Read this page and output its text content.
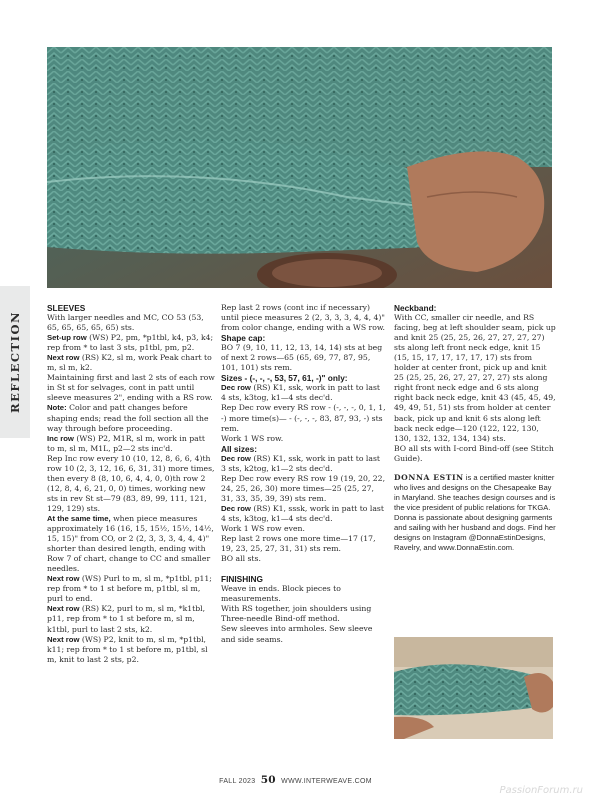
REFLECTION

SLEEVES

With larger needles and MC, CO 53 (53, 65, 65, 65, 65, 65) sts.

Set-up row (WS) P2, pm, *p1tbl, k4, p3, k4; rep from * to last 3 sts, p1tbl, pm, p2.

Next row (RS) K2, sl m, work Peak chart to m, sl m, k2.

Maintaining first and last 2 sts of each row in St st for selvages, cont in patt until sleeve measures 2", ending with a RS row.

Note: Color and patt changes before shaping ends; read the foll section all the way through before proceeding.

Inc row (WS) P2, M1R, sl m, work in patt to m, sl m, M1L, p2—2 sts inc'd.

Rep Inc row every 10 (10, 12, 8, 6, 6, 4)th row 10 (2, 3, 12, 16, 6, 31, 31) more times, then every 8 (8, 10, 6, 4, 4, 0, 0)th row 2 (12, 8, 4, 6, 21, 0, 0) times, working new sts in rev St st—79 (83, 89, 99, 111, 121, 129, 129) sts.

At the same time, when piece measures approximately 16 (16, 15, 15½, 15½, 14½, 15, 15)" from CO, or 2 (2, 3, 3, 3, 4, 4, 4)" shorter than desired length, ending with Row 7 of chart, change to CC and smaller needles.

Next row (WS) Purl to m, sl m, *p1tbl, p11; rep from * to 1 st before m, p1tbl, sl m, purl to end.

Next row (RS) K2, purl to m, sl m, *k1tbl, p11, rep from * to 1 st before m, sl m, k1tbl, purl to last 2 sts, k2.

Next row (WS) P2, knit to m, sl m, *p1tbl, k11; rep from * to 1 st before m, p1tbl, sl m, knit to last 2 sts, p2.

Rep last 2 rows (cont inc if necessary) until piece measures 2 (2, 3, 3, 3, 4, 4, 4)" from color change, ending with a WS row.

Shape cap:

BO 7 (9, 10, 11, 12, 13, 14, 14) sts at beg of next 2 rows—65 (65, 69, 77, 87, 95, 101, 101) sts rem.

Sizes - (-, -, -, 53, 57, 61, -)" only:

Dec row (RS) K1, ssk, work in patt to last 4 sts, k3tog, k1—4 sts dec'd.

Rep Dec row every RS row - (-, -, -, 0, 1, 1, -) more time(s)— - (-, -, -, 83, 87, 93, -) sts rem.

Work 1 WS row.

All sizes:

Dec row (RS) K1, ssk, work in patt to last 3 sts, k2tog, k1—2 sts dec'd.

Rep Dec row every RS row 19 (19, 20, 22, 24, 25, 26, 30) more times—25 (25, 27, 31, 33, 35, 39, 39) sts rem.

Dec row (RS) K1, sssk, work in patt to last 4 sts, k3tog, k1—4 sts dec'd.

Work 1 WS row even.

Rep last 2 rows one more time—17 (17, 19, 23, 25, 27, 31, 31) sts rem.

BO all sts.

FINISHING

Weave in ends. Block pieces to measurements.

With RS together, join shoulders using Three-needle Bind-off method.

Sew sleeves into armholes. Sew sleeve and side seams.

Neckband:

With CC, smaller cir needle, and RS facing, beg at left shoulder seam, pick up and knit 25 (25, 25, 26, 27, 27, 27, 27) sts along left front neck edge, knit 15 (15, 15, 17, 17, 17, 17, 17) sts from holder at center front, pick up and knit 25 (25, 25, 26, 27, 27, 27, 27) sts along right front neck edge and 6 sts along right back neck edge, knit 43 (45, 45, 49, 49, 49, 51, 51) sts from holder at center back, pick up and knit 6 sts along left back neck edge—120 (122, 122, 130, 130, 132, 132, 134, 134) sts.

BO all sts with I-cord Bind-off (see Stitch Guide).

DONNA ESTIN is a certified master knitter who lives and designs on the Chesapeake Bay in Maryland. She teaches design courses and is the vice president of public relations for TKGA. Donna is passionate about designing garments and sailing with her husband and dogs. Find her designs on Instagram @DonnaEstinDesigns, Ravelry, and www.DonnaEstin.com.

FALL 2023 50 WWW.INTERWEAVE.COM
PassionForum.ru
